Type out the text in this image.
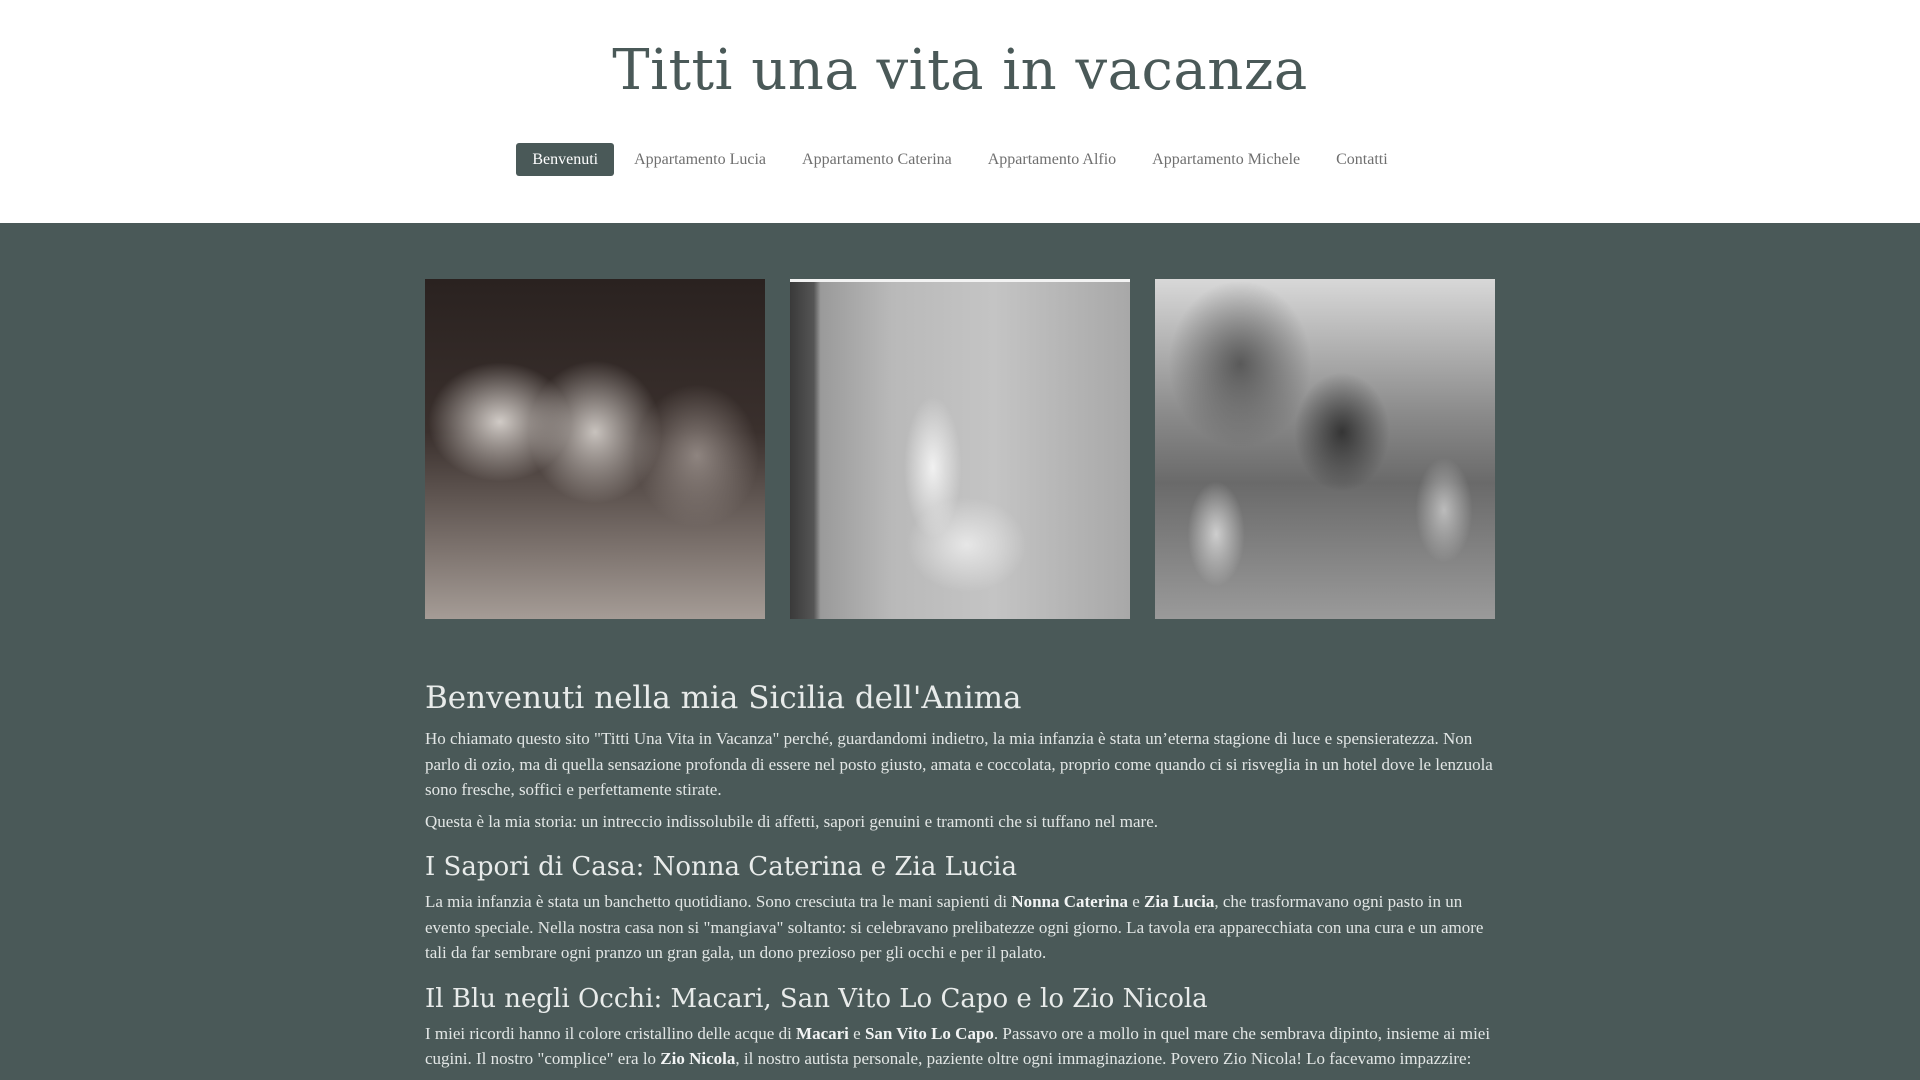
Titti una vita in vacanza
Benvenuti	Appartamento Lucia	Appartamento Caterina	Appartamento Alfio	Appartamento Michele	Contatti
Benvenuti nella mia Sicilia dell'Anima

Ho chiamato questo sito "Titti Una Vita in Vacanza" perché, guardandomi indietro, la mia infanzia è stata un’eterna stagione di luce e spensieratezza. Non parlo di ozio, ma di quella sensazione profonda di essere nel posto giusto, amata e coccolata, proprio come quando ci si risveglia in un hotel dove le lenzuola sono fresche, soffici e perfettamente stirate.

Questa è la mia storia: un intreccio indissolubile di affetti, sapori genuini e tramonti che si tuffano nel mare.

I Sapori di Casa: Nonna Caterina e Zia Lucia

La mia infanzia è stata un banchetto quotidiano. Sono cresciuta tra le mani sapienti di Nonna Caterina e Zia Lucia, che trasformavano ogni pasto in un evento speciale. Nella nostra casa non si "mangiava" soltanto: si celebravano prelibatezze ogni giorno. La tavola era apparecchiata con una cura e un amore tali da far sembrare ogni pranzo un gran gala, un dono prezioso per gli occhi e per il palato.

Il Blu negli Occhi: Macari, San Vito Lo Capo e lo Zio Nicola

I miei ricordi hanno il colore cristallino delle acque di Macari e San Vito Lo Capo. Passavo ore a mollo in quel mare che sembrava dipinto, insieme ai miei cugini. Il nostro "complice" era lo Zio Nicola, il nostro autista personale, paziente oltre ogni immaginazione. Povero Zio Nicola! Lo facevamo impazzire:
